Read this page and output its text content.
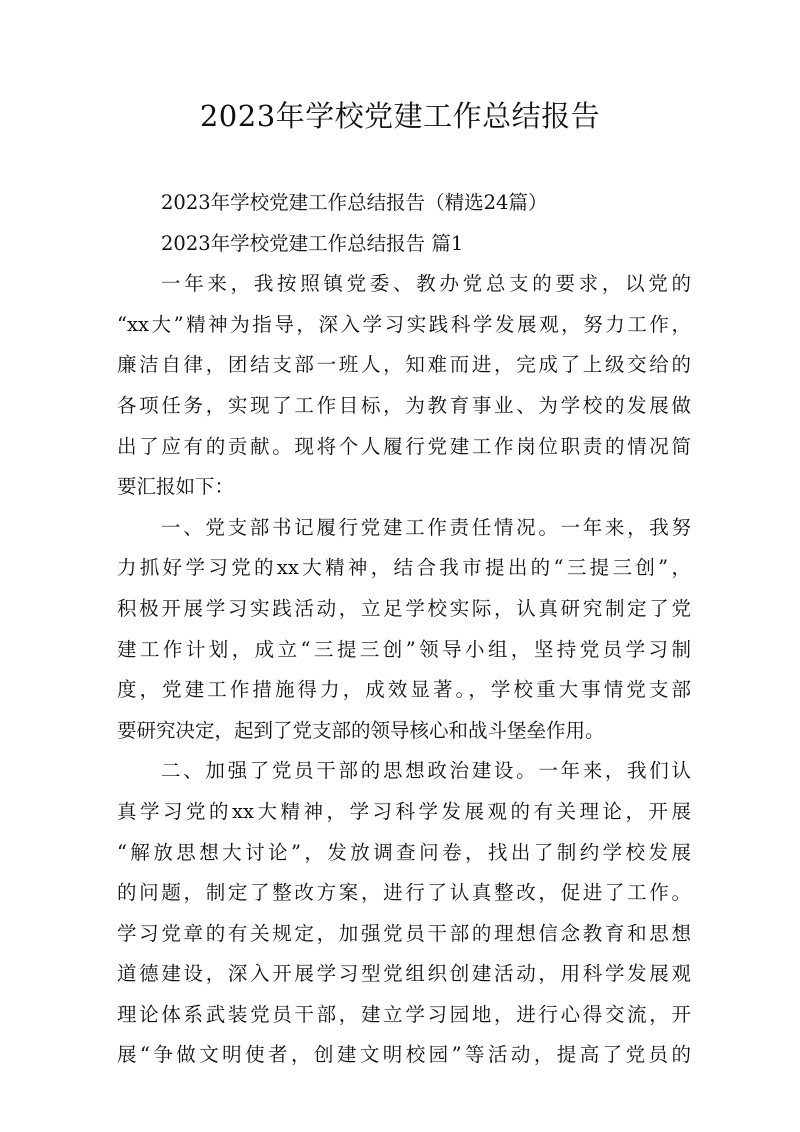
2023年学校党建工作总结报告
2023年学校党建工作总结报告（精选24篇）
2023年学校党建工作总结报告 篇1
一年来，我按照镇党委、教办党总支的要求，以党的
“xx大”精神为指导，深入学习实践科学发展观，努力工作，
廉洁自律，团结支部一班人，知难而进，完成了上级交给的
各项任务，实现了工作目标，为教育事业、为学校的发展做
出了应有的贡献。现将个人履行党建工作岗位职责的情况简
要汇报如下：
一、党支部书记履行党建工作责任情况。一年来，我努
力抓好学习党的xx大精神，结合我市提出的“三提三创”，
积极开展学习实践活动，立足学校实际，认真研究制定了党
建工作计划，成立“三提三创”领导小组，坚持党员学习制
度，党建工作措施得力，成效显著。，学校重大事情党支部
要研究决定，起到了党支部的领导核心和战斗堡垒作用。
二、加强了党员干部的思想政治建设。一年来，我们认
真学习党的xx大精神，学习科学发展观的有关理论，开展
“解放思想大讨论”，发放调查问卷，找出了制约学校发展
的问题，制定了整改方案，进行了认真整改，促进了工作。
学习党章的有关规定，加强党员干部的理想信念教育和思想
道德建设，深入开展学习型党组织创建活动，用科学发展观
理论体系武装党员干部，建立学习园地，进行心得交流，开
展“争做文明使者，创建文明校园”等活动，提高了党员的
